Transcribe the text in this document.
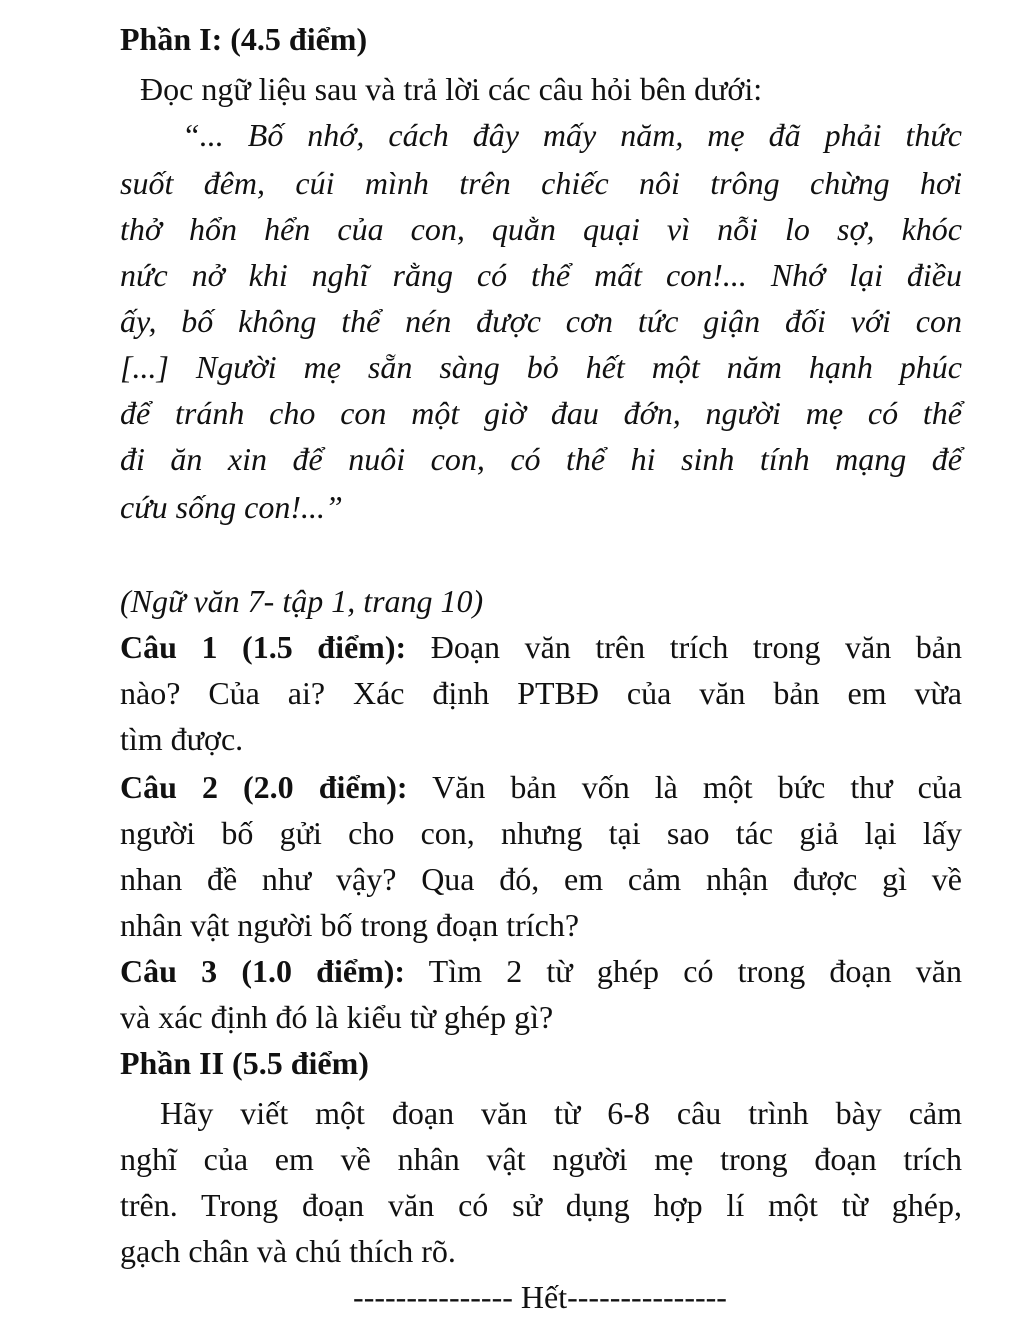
Phần I: (4.5 điểm)
Đọc ngữ liệu sau và trả lời các câu hỏi bên dưới:
“... Bố nhớ, cách đây mấy năm, mẹ đã phải thức
suốt đêm, cúi mình trên chiếc nôi trông chừng hơi
thở hổn hển của con, quằn quại vì nỗi lo sợ, khóc
nức nở khi nghĩ rằng có thể mất con!... Nhớ lại điều
ấy, bố không thể nén được cơn tức giận đối với con
[...] Người mẹ sẵn sàng bỏ hết một năm hạnh phúc
để tránh cho con một giờ đau đớn, người mẹ có thể
đi ăn xin để nuôi con, có thể hi sinh tính mạng để
cứu sống con!...”
(Ngữ văn 7- tập 1, trang 10)
Câu 1 (1.5 điểm): Đoạn văn trên trích trong văn bản
nào? Của ai? Xác định PTBĐ của văn bản em vừa
tìm được.
Câu 2 (2.0 điểm): Văn bản vốn là một bức thư của
người bố gửi cho con, nhưng tại sao tác giả lại lấy
nhan đề như vậy? Qua đó, em cảm nhận được gì về
nhân vật người bố trong đoạn trích?
Câu 3 (1.0 điểm): Tìm 2 từ ghép có trong đoạn văn
và xác định đó là kiểu từ ghép gì?
Phần II (5.5 điểm)
Hãy viết một đoạn văn từ 6-8 câu trình bày cảm
nghĩ của em về nhân vật người mẹ trong đoạn trích
trên. Trong đoạn văn có sử dụng hợp lí một từ ghép,
gạch chân và chú thích rõ.
--------------- Hết---------------
